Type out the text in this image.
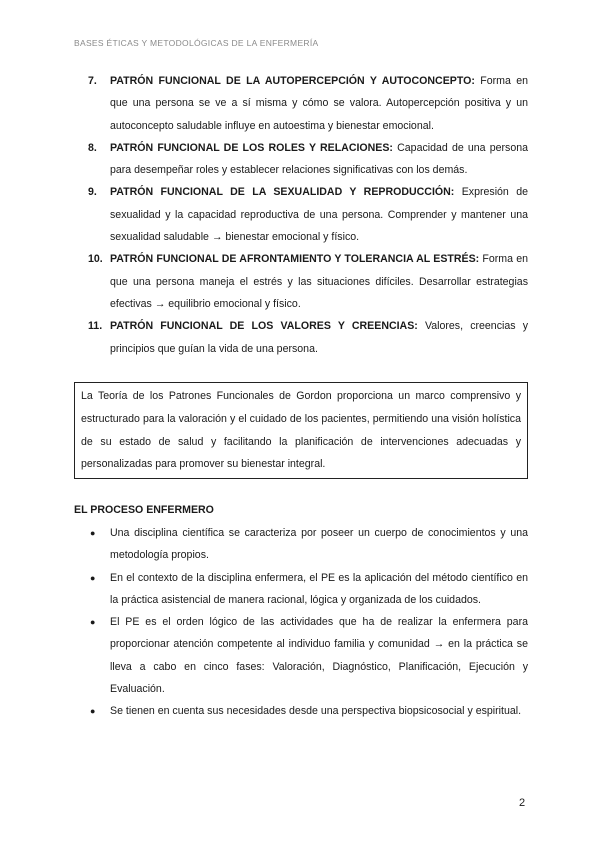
BASES ÉTICAS Y METODOLÓGICAS DE LA ENFERMERÍA
7. PATRÓN FUNCIONAL DE LA AUTOPERCEPCIÓN Y AUTOCONCEPTO: Forma en que una persona se ve a sí misma y cómo se valora. Autopercepción positiva y un autoconcepto saludable influye en autoestima y bienestar emocional.
8. PATRÓN FUNCIONAL DE LOS ROLES Y RELACIONES: Capacidad de una persona para desempeñar roles y establecer relaciones significativas con los demás.
9. PATRÓN FUNCIONAL DE LA SEXUALIDAD Y REPRODUCCIÓN: Expresión de sexualidad y la capacidad reproductiva de una persona. Comprender y mantener una sexualidad saludable → bienestar emocional y físico.
10. PATRÓN FUNCIONAL DE AFRONTAMIENTO Y TOLERANCIA AL ESTRÉS: Forma en que una persona maneja el estrés y las situaciones difíciles. Desarrollar estrategias efectivas → equilibrio emocional y físico.
11. PATRÓN FUNCIONAL DE LOS VALORES Y CREENCIAS: Valores, creencias y principios que guían la vida de una persona.
La Teoría de los Patrones Funcionales de Gordon proporciona un marco comprensivo y estructurado para la valoración y el cuidado de los pacientes, permitiendo una visión holística de su estado de salud y facilitando la planificación de intervenciones adecuadas y personalizadas para promover su bienestar integral.
EL PROCESO ENFERMERO
● Una disciplina científica se caracteriza por poseer un cuerpo de conocimientos y una metodología propios.
● En el contexto de la disciplina enfermera, el PE es la aplicación del método científico en la práctica asistencial de manera racional, lógica y organizada de los cuidados.
● El PE es el orden lógico de las actividades que ha de realizar la enfermera para proporcionar atención competente al individuo familia y comunidad → en la práctica se lleva a cabo en cinco fases: Valoración, Diagnóstico, Planificación, Ejecución y Evaluación.
● Se tienen en cuenta sus necesidades desde una perspectiva biopsicosocial y espiritual.
2
